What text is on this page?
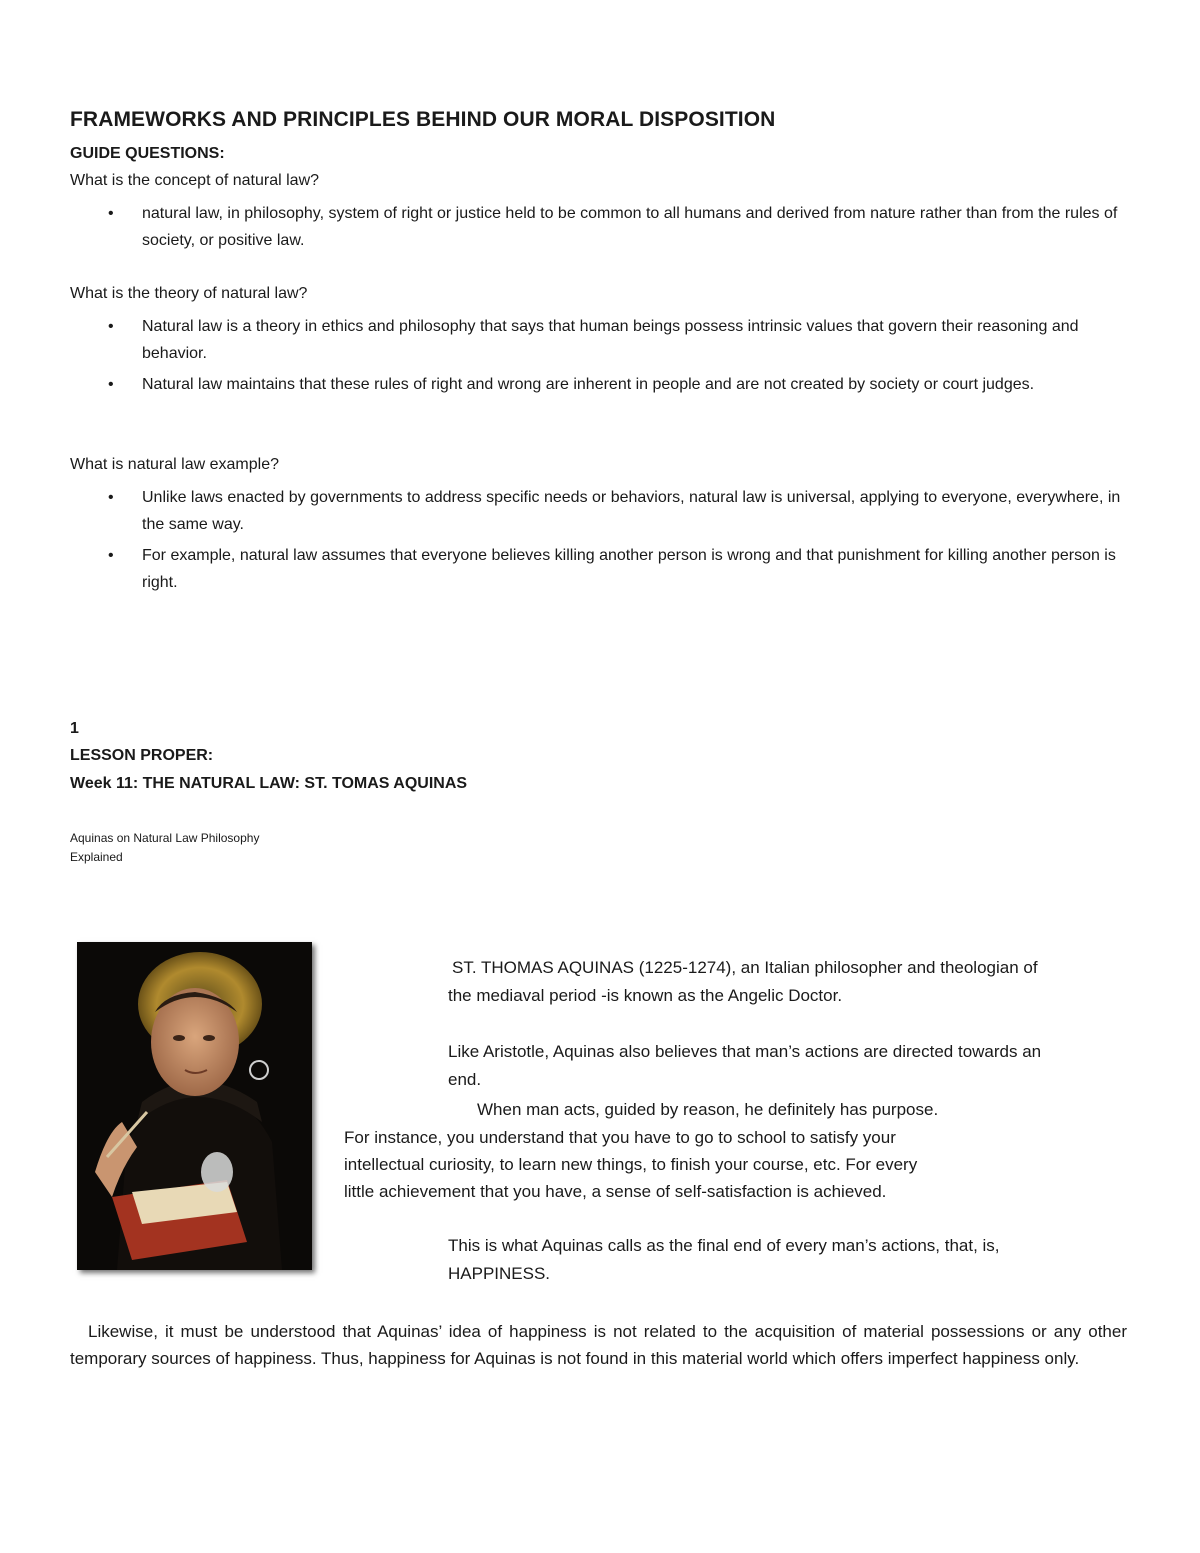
FRAMEWORKS AND PRINCIPLES BEHIND OUR MORAL DISPOSITION
GUIDE QUESTIONS:
What is the concept of natural law?
• natural law, in philosophy, system of right or justice held to be common to all humans and derived from nature rather than from the rules of society, or positive law.
What is the theory of natural law?
• Natural law is a theory in ethics and philosophy that says that human beings possess intrinsic values that govern their reasoning and behavior.
• Natural law maintains that these rules of right and wrong are inherent in people and are not created by society or court judges.
What is natural law example?
• Unlike laws enacted by governments to address specific needs or behaviors, natural law is universal, applying to everyone, everywhere, in the same way.
• For example, natural law assumes that everyone believes killing another person is wrong and that punishment for killing another person is right.
1
LESSON PROPER:
Week 11: THE NATURAL LAW: ST. TOMAS AQUINAS
Aquinas on Natural Law Philosophy
Explained
ST. THOMAS AQUINAS (1225-1274), an Italian philosopher and theologian of
the mediaval period -is known as the Angelic Doctor.
Like Aristotle, Aquinas also believes that man’s actions are directed towards an
end.
When man acts, guided by reason, he definitely has purpose.
For instance, you understand that you have to go to school to satisfy your
intellectual curiosity, to learn new things, to finish your course, etc. For every
little achievement that you have, a sense of self-satisfaction is achieved.
This is what Aquinas calls as the final end of every man’s actions, that, is,
HAPPINESS.
Likewise, it must be understood that Aquinas’ idea of happiness is not related to the acquisition of material possessions or any other temporary sources of happiness. Thus, happiness for Aquinas is not found in this material world which offers imperfect happiness only.
